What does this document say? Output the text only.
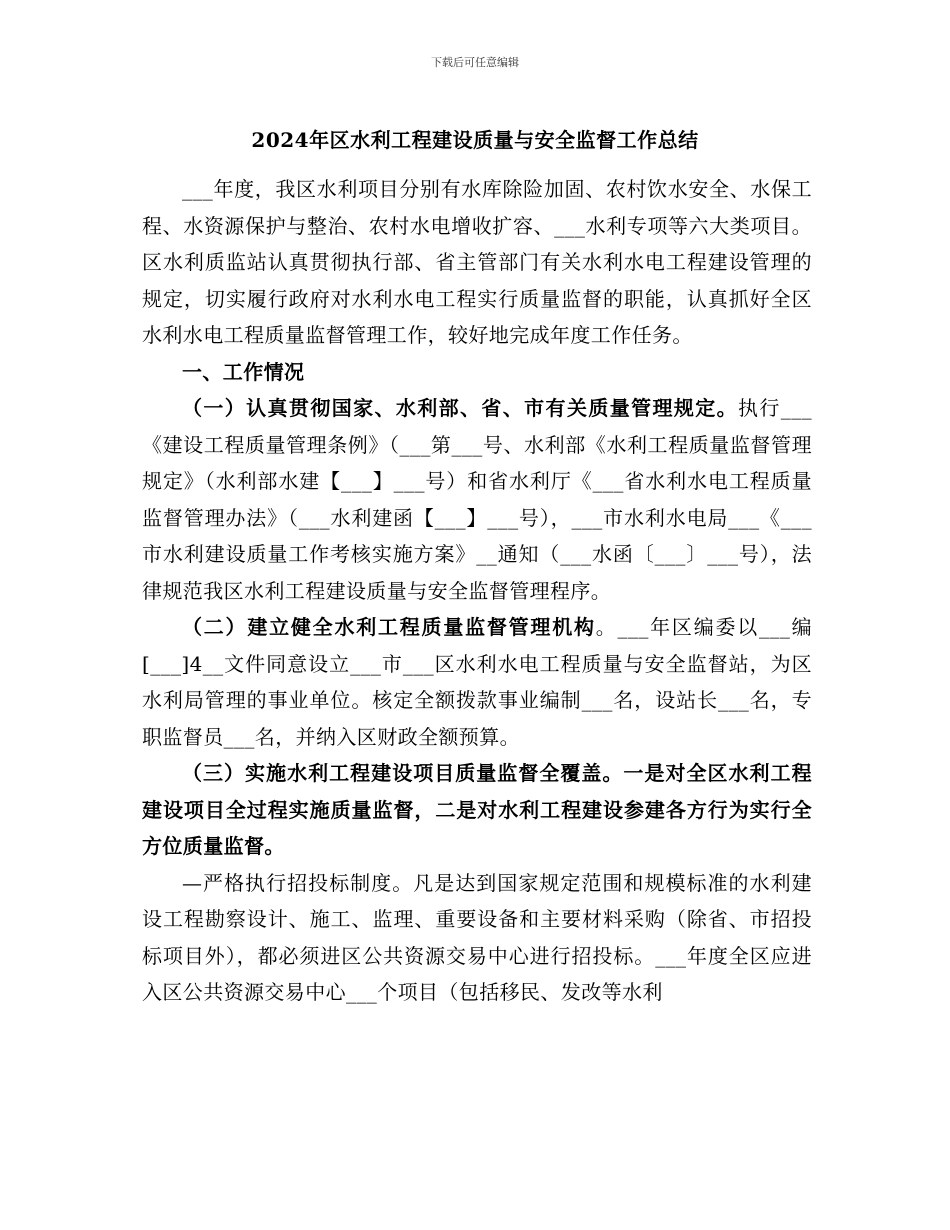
下载后可任意编辑
2024年区水利工程建设质量与安全监督工作总结

___年度，我区水利项目分别有水库除险加固、农村饮水安全、水保工程、水资源保护与整治、农村水电增收扩容、___水利专项等六大类项目。区水利质监站认真贯彻执行部、省主管部门有关水利水电工程建设管理的规定，切实履行政府对水利水电工程实行质量监督的职能，认真抓好全区水利水电工程质量监督管理工作，较好地完成年度工作任务。

一、工作情况

（一）认真贯彻国家、水利部、省、市有关质量管理规定。执行___《建设工程质量管理条例》（___第___号、水利部《水利工程质量监督管理规定》（水利部水建【___】___号）和省水利厅《___省水利水电工程质量监督管理办法》（___水利建函【___】___号），___市水利水电局___《___市水利建设质量工作考核实施方案》__通知（___水函〔___〕___号），法律规范我区水利工程建设质量与安全监督管理程序。

（二）建立健全水利工程质量监督管理机构。___年区编委以___编[___]4__文件同意设立___市___区水利水电工程质量与安全监督站，为区水利局管理的事业单位。核定全额拨款事业编制___名，设站长___名，专职监督员___名，并纳入区财政全额预算。

（三）实施水利工程建设项目质量监督全覆盖。一是对全区水利工程建设项目全过程实施质量监督，二是对水利工程建设参建各方行为实行全方位质量监督。

—严格执行招投标制度。凡是达到国家规定范围和规模标准的水利建设工程勘察设计、施工、监理、重要设备和主要材料采购（除省、市招投标项目外），都必须进区公共资源交易中心进行招投标。___年度全区应进入区公共资源交易中心___个项目（包括移民、发改等水利
